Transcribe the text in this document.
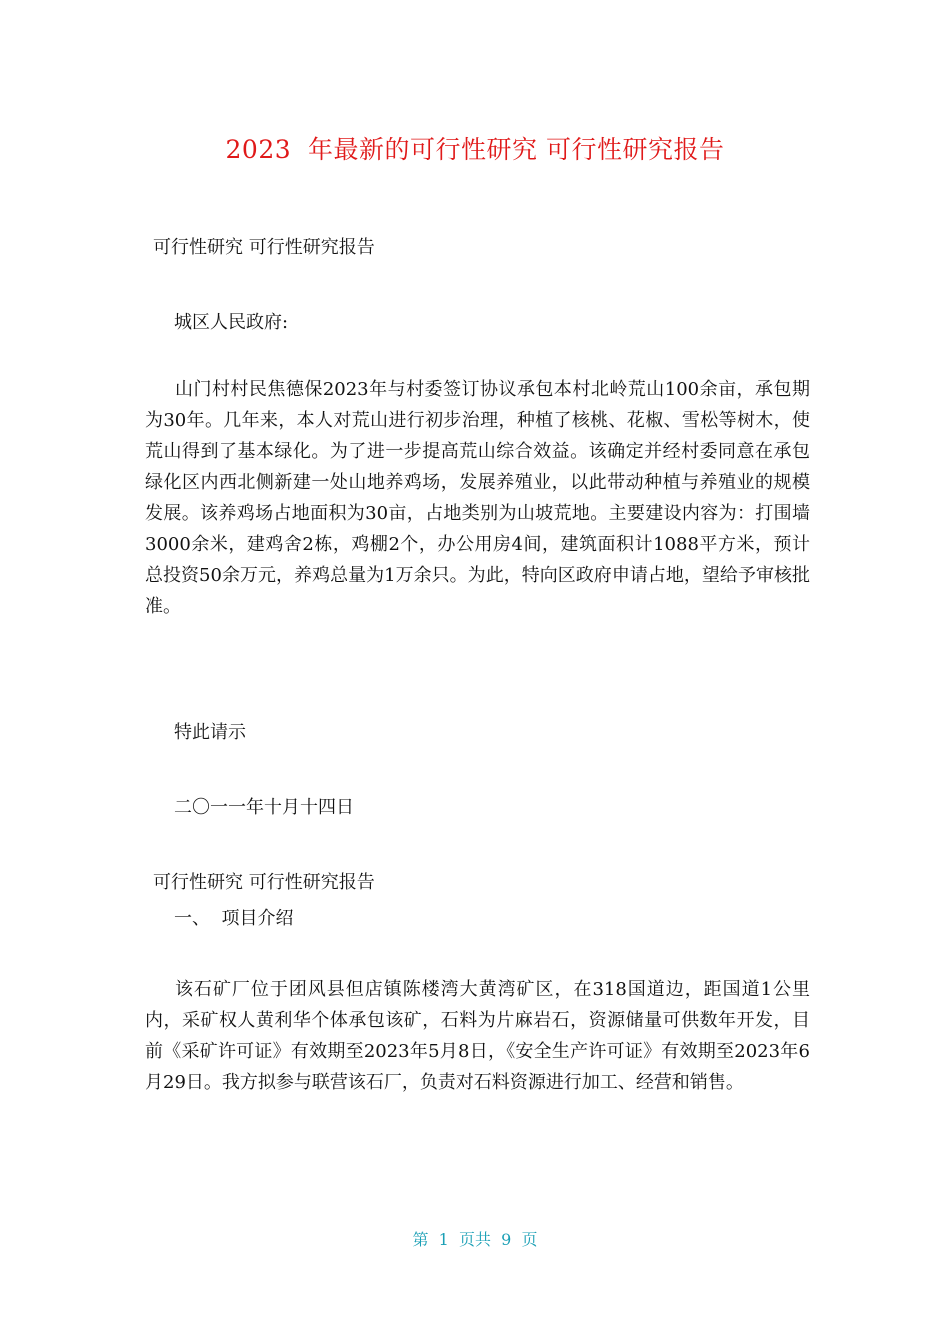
2023  年最新的可行性研究 可行性研究报告
可行性研究 可行性研究报告
城区人民政府:
山门村村民焦德保2023年与村委签订协议承包本村北岭荒山100余亩，承包期为30年。几年来，本人对荒山进行初步治理，种植了核桃、花椒、雪松等树木，使荒山得到了基本绿化。为了进一步提高荒山综合效益。该确定并经村委同意在承包绿化区内西北侧新建一处山地养鸡场，发展养殖业，以此带动种植与养殖业的规模发展。该养鸡场占地面积为30亩，占地类别为山坡荒地。主要建设内容为：打围墙3000余米，建鸡舍2栋，鸡棚2个，办公用房4间，建筑面积计1088平方米，预计总投资50余万元，养鸡总量为1万余只。为此，特向区政府申请占地，望给予审核批准。
特此请示
二〇一一年十月十四日
可行性研究 可行性研究报告
一、  项目介绍
该石矿厂位于团风县但店镇陈楼湾大黄湾矿区，在318国道边，距国道1公里内，采矿权人黄利华个体承包该矿，石料为片麻岩石，资源储量可供数年开发，目前《采矿许可证》有效期至2023年5月8日，《安全生产许可证》有效期至2023年6月29日。我方拟参与联营该石厂，负责对石料资源进行加工、经营和销售。
第  1  页共  9  页
